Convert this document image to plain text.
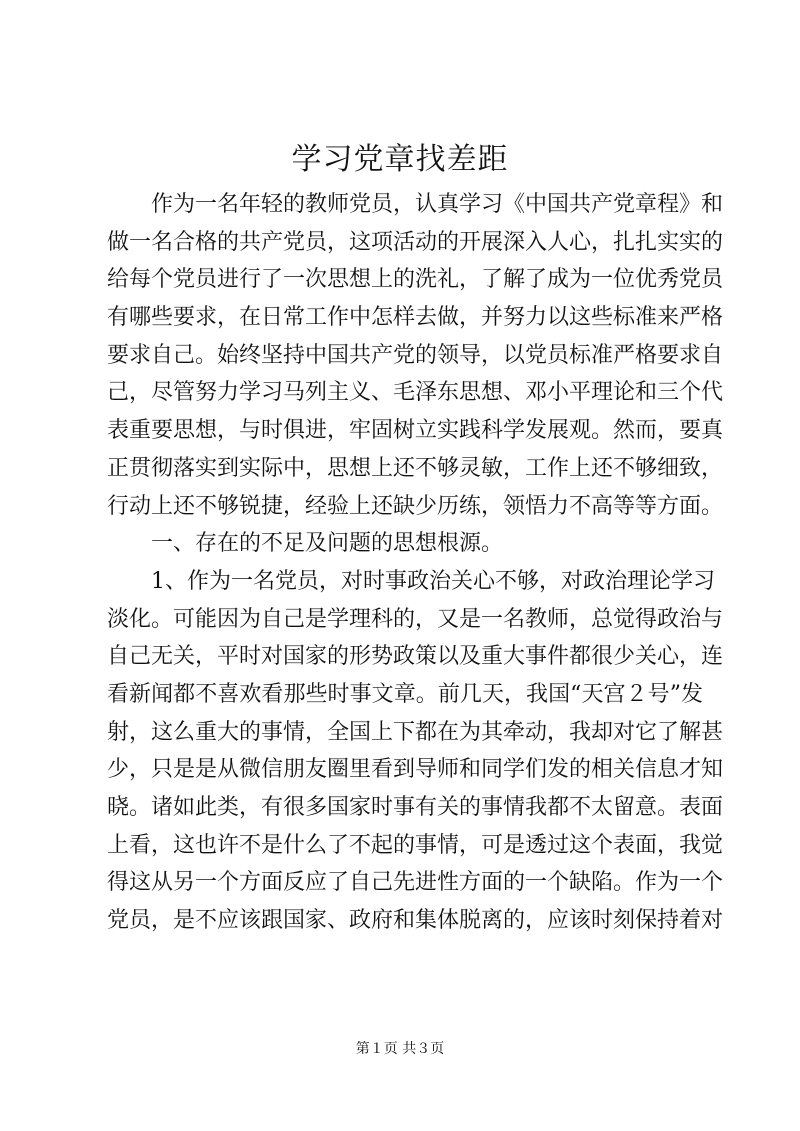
学习党章找差距
作为一名年轻的教师党员，认真学习《中国共产党章程》和
做一名合格的共产党员，这项活动的开展深入人心，扎扎实实的
给每个党员进行了一次思想上的洗礼，了解了成为一位优秀党员
有哪些要求，在日常工作中怎样去做，并努力以这些标准来严格
要求自己。始终坚持中国共产党的领导，以党员标准严格要求自
己，尽管努力学习马列主义、毛泽东思想、邓小平理论和三个代
表重要思想，与时俱进，牢固树立实践科学发展观。然而，要真
正贯彻落实到实际中，思想上还不够灵敏，工作上还不够细致，
行动上还不够锐捷，经验上还缺少历练，领悟力不高等等方面。
一、存在的不足及问题的思想根源。
1、作为一名党员，对时事政治关心不够，对政治理论学习
淡化。可能因为自己是学理科的，又是一名教师，总觉得政治与
自己无关，平时对国家的形势政策以及重大事件都很少关心，连
看新闻都不喜欢看那些时事文章。前几天，我国“天宫２号”发
射，这么重大的事情，全国上下都在为其牵动，我却对它了解甚
少，只是是从微信朋友圈里看到导师和同学们发的相关信息才知
晓。诸如此类，有很多国家时事有关的事情我都不太留意。表面
上看，这也许不是什么了不起的事情，可是透过这个表面，我觉
得这从另一个方面反应了自己先进性方面的一个缺陷。作为一个
党员，是不应该跟国家、政府和集体脱离的，应该时刻保持着对
第１页 共３页
